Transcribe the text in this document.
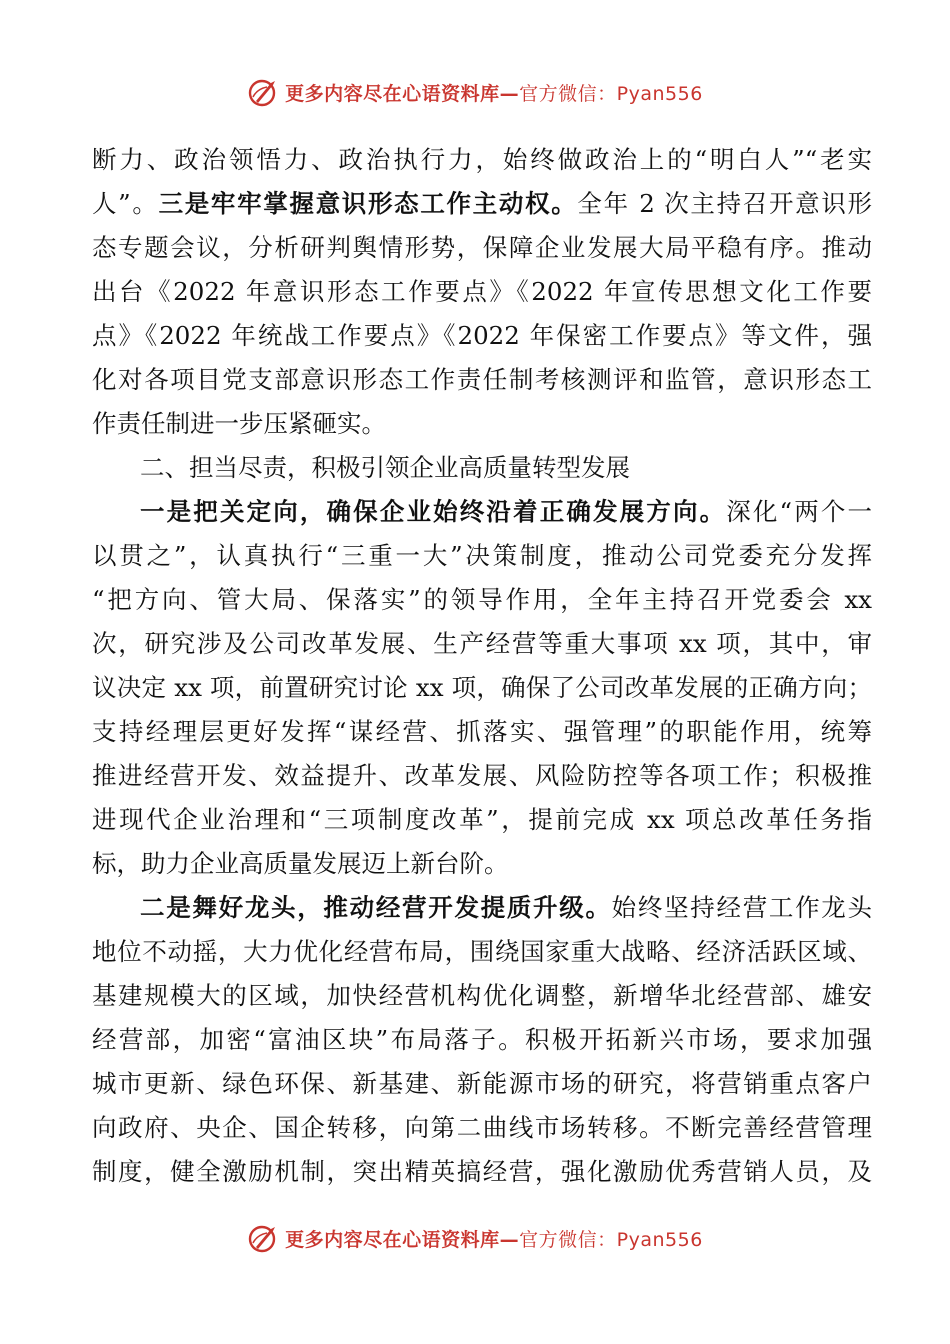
更多内容尽在心语资料库—官方微信：Pyan556
断力、政治领悟力、政治执行力，始终做政治上的“明白人”“老实
人”。三是牢牢掌握意识形态工作主动权。全年 2 次主持召开意识形
态专题会议，分析研判舆情形势，保障企业发展大局平稳有序。推动
出台《2022 年意识形态工作要点》《2022 年宣传思想文化工作要
点》《2022 年统战工作要点》《2022 年保密工作要点》等文件，强
化对各项目党支部意识形态工作责任制考核测评和监管，意识形态工
作责任制进一步压紧砸实。
二、担当尽责，积极引领企业高质量转型发展
一是把关定向，确保企业始终沿着正确发展方向。深化“两个一
以贯之”，认真执行“三重一大”决策制度，推动公司党委充分发挥
“把方向、管大局、保落实”的领导作用，全年主持召开党委会 xx
次，研究涉及公司改革发展、生产经营等重大事项 xx 项，其中，审
议决定 xx 项，前置研究讨论 xx 项，确保了公司改革发展的正确方向；
支持经理层更好发挥“谋经营、抓落实、强管理”的职能作用，统筹
推进经营开发、效益提升、改革发展、风险防控等各项工作；积极推
进现代企业治理和“三项制度改革”，提前完成 xx 项总改革任务指
标，助力企业高质量发展迈上新台阶。
二是舞好龙头，推动经营开发提质升级。始终坚持经营工作龙头
地位不动摇，大力优化经营布局，围绕国家重大战略、经济活跃区域、
基建规模大的区域，加快经营机构优化调整，新增华北经营部、雄安
经营部，加密“富油区块”布局落子。积极开拓新兴市场，要求加强
城市更新、绿色环保、新基建、新能源市场的研究，将营销重点客户
向政府、央企、国企转移，向第二曲线市场转移。不断完善经营管理
制度，健全激励机制，突出精英搞经营，强化激励优秀营销人员，及
更多内容尽在心语资料库—官方微信：Pyan556
